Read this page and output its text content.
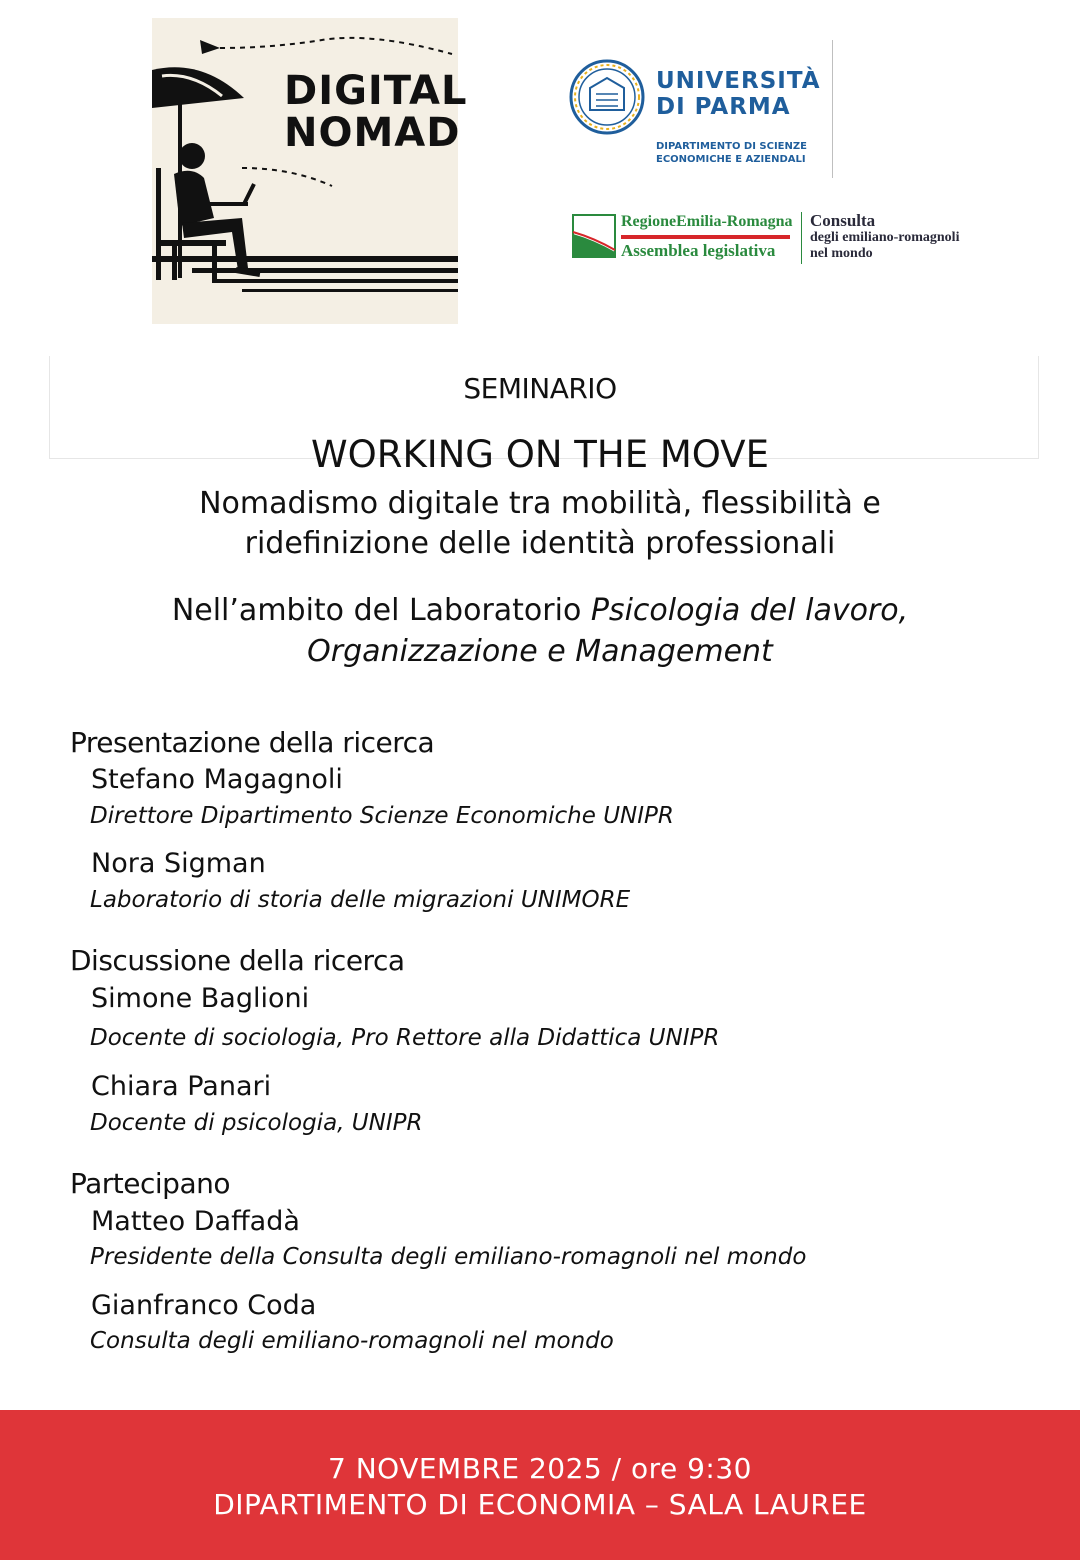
DIGITAL
NOMAD
UNIVERSITÀ
DI PARMA
DIPARTIMENTO DI SCIENZE
ECONOMICHE E AZIENDALI
RegioneEmilia-Romagna
Assemblea legislativa
Consulta
degli emiliano-romagnoli
nel mondo
SEMINARIO
WORKING ON THE MOVE
Nomadismo digitale tra mobilità, flessibilità e
ridefinizione delle identità professionali
Nell’ambito del Laboratorio Psicologia del lavoro,
Organizzazione e Management
Presentazione della ricerca
Stefano Magagnoli
Direttore Dipartimento Scienze Economiche UNIPR
Nora Sigman
Laboratorio di storia delle migrazioni UNIMORE
Discussione della ricerca
Simone Baglioni
Docente di sociologia, Pro Rettore alla Didattica UNIPR
Chiara Panari
Docente di psicologia, UNIPR
Partecipano
Matteo Daffadà
Presidente della Consulta degli emiliano-romagnoli nel mondo
Gianfranco Coda
Consulta degli emiliano-romagnoli nel mondo
7 NOVEMBRE 2025 / ore 9:30
DIPARTIMENTO DI ECONOMIA – SALA LAUREE
